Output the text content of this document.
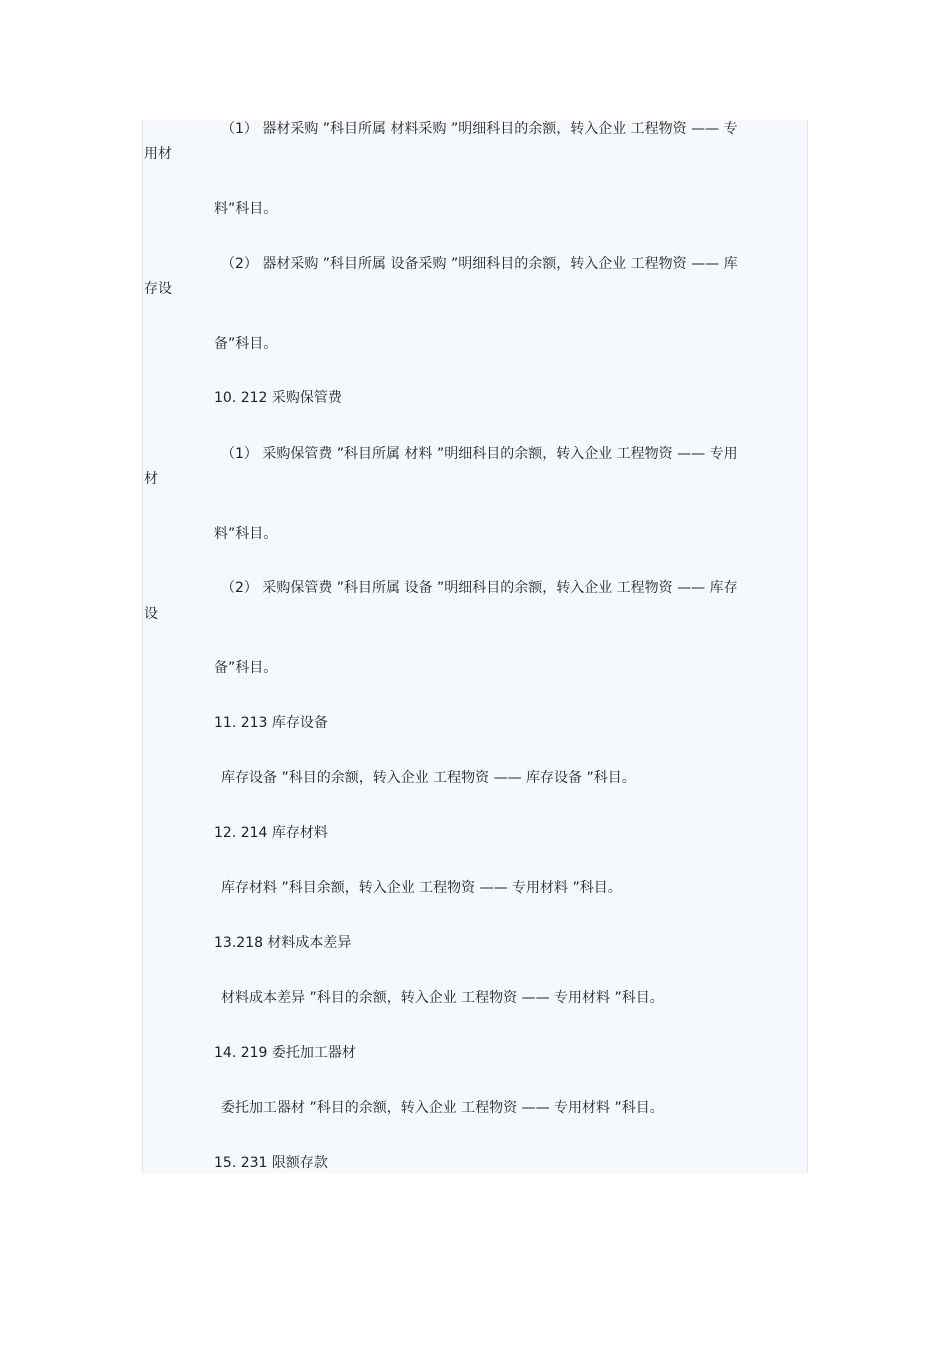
（1） 器材采购 ”科目所属 材料采购 ”明细科目的余额，转入企业 工程物资 —— 专
用材
料”科目。
（2） 器材采购 ”科目所属 设备采购 ”明细科目的余额，转入企业 工程物资 —— 库
存设
备”科目。
10. 212 采购保管费
（1） 采购保管费 ”科目所属 材料 ”明细科目的余额，转入企业 工程物资 —— 专用
材
料”科目。
（2） 采购保管费 ”科目所属 设备 ”明细科目的余额，转入企业 工程物资 —— 库存
设
备”科目。
11. 213 库存设备
库存设备 ”科目的余额，转入企业 工程物资 —— 库存设备 ”科目。
12. 214 库存材料
库存材料 ”科目余额，转入企业 工程物资 —— 专用材料 ”科目。
13.218 材料成本差异
材料成本差异 ”科目的余额，转入企业 工程物资 —— 专用材料 ”科目。
14. 219 委托加工器材
委托加工器材 ”科目的余额，转入企业 工程物资 —— 专用材料 ”科目。
15. 231 限额存款
